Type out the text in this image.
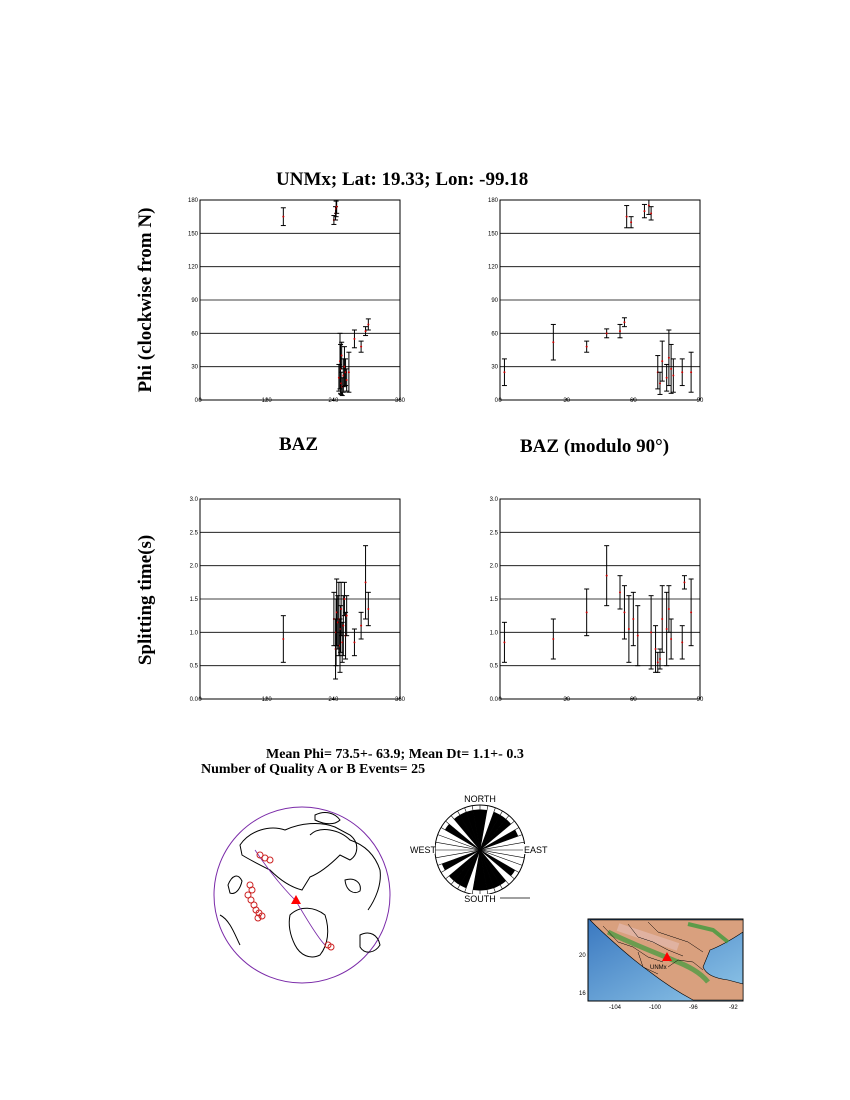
UNMx; Lat: 19.33; Lon: -99.18
Phi (clockwise from N)
Splitting time(s)
BAZ	BAZ (modulo 90°)
0
30
60
90
120
150
180
0	120	240	360	0
30
60
90
120
150
180
0	30	60	90
0.0
0.5
1.0
1.5
2.0
2.5
3.0
0	120	240	360	0.0
0.5
1.0
1.5
2.0
2.5
3.0
0	30	60	90
Mean Phi= 73.5+- 63.9; Mean Dt= 1.1+- 0.3
Number of Quality A or B Events= 25
NORTH
SOUTH
EAST
WEST
UNMx
20
16
-104	-100	-96	-92
